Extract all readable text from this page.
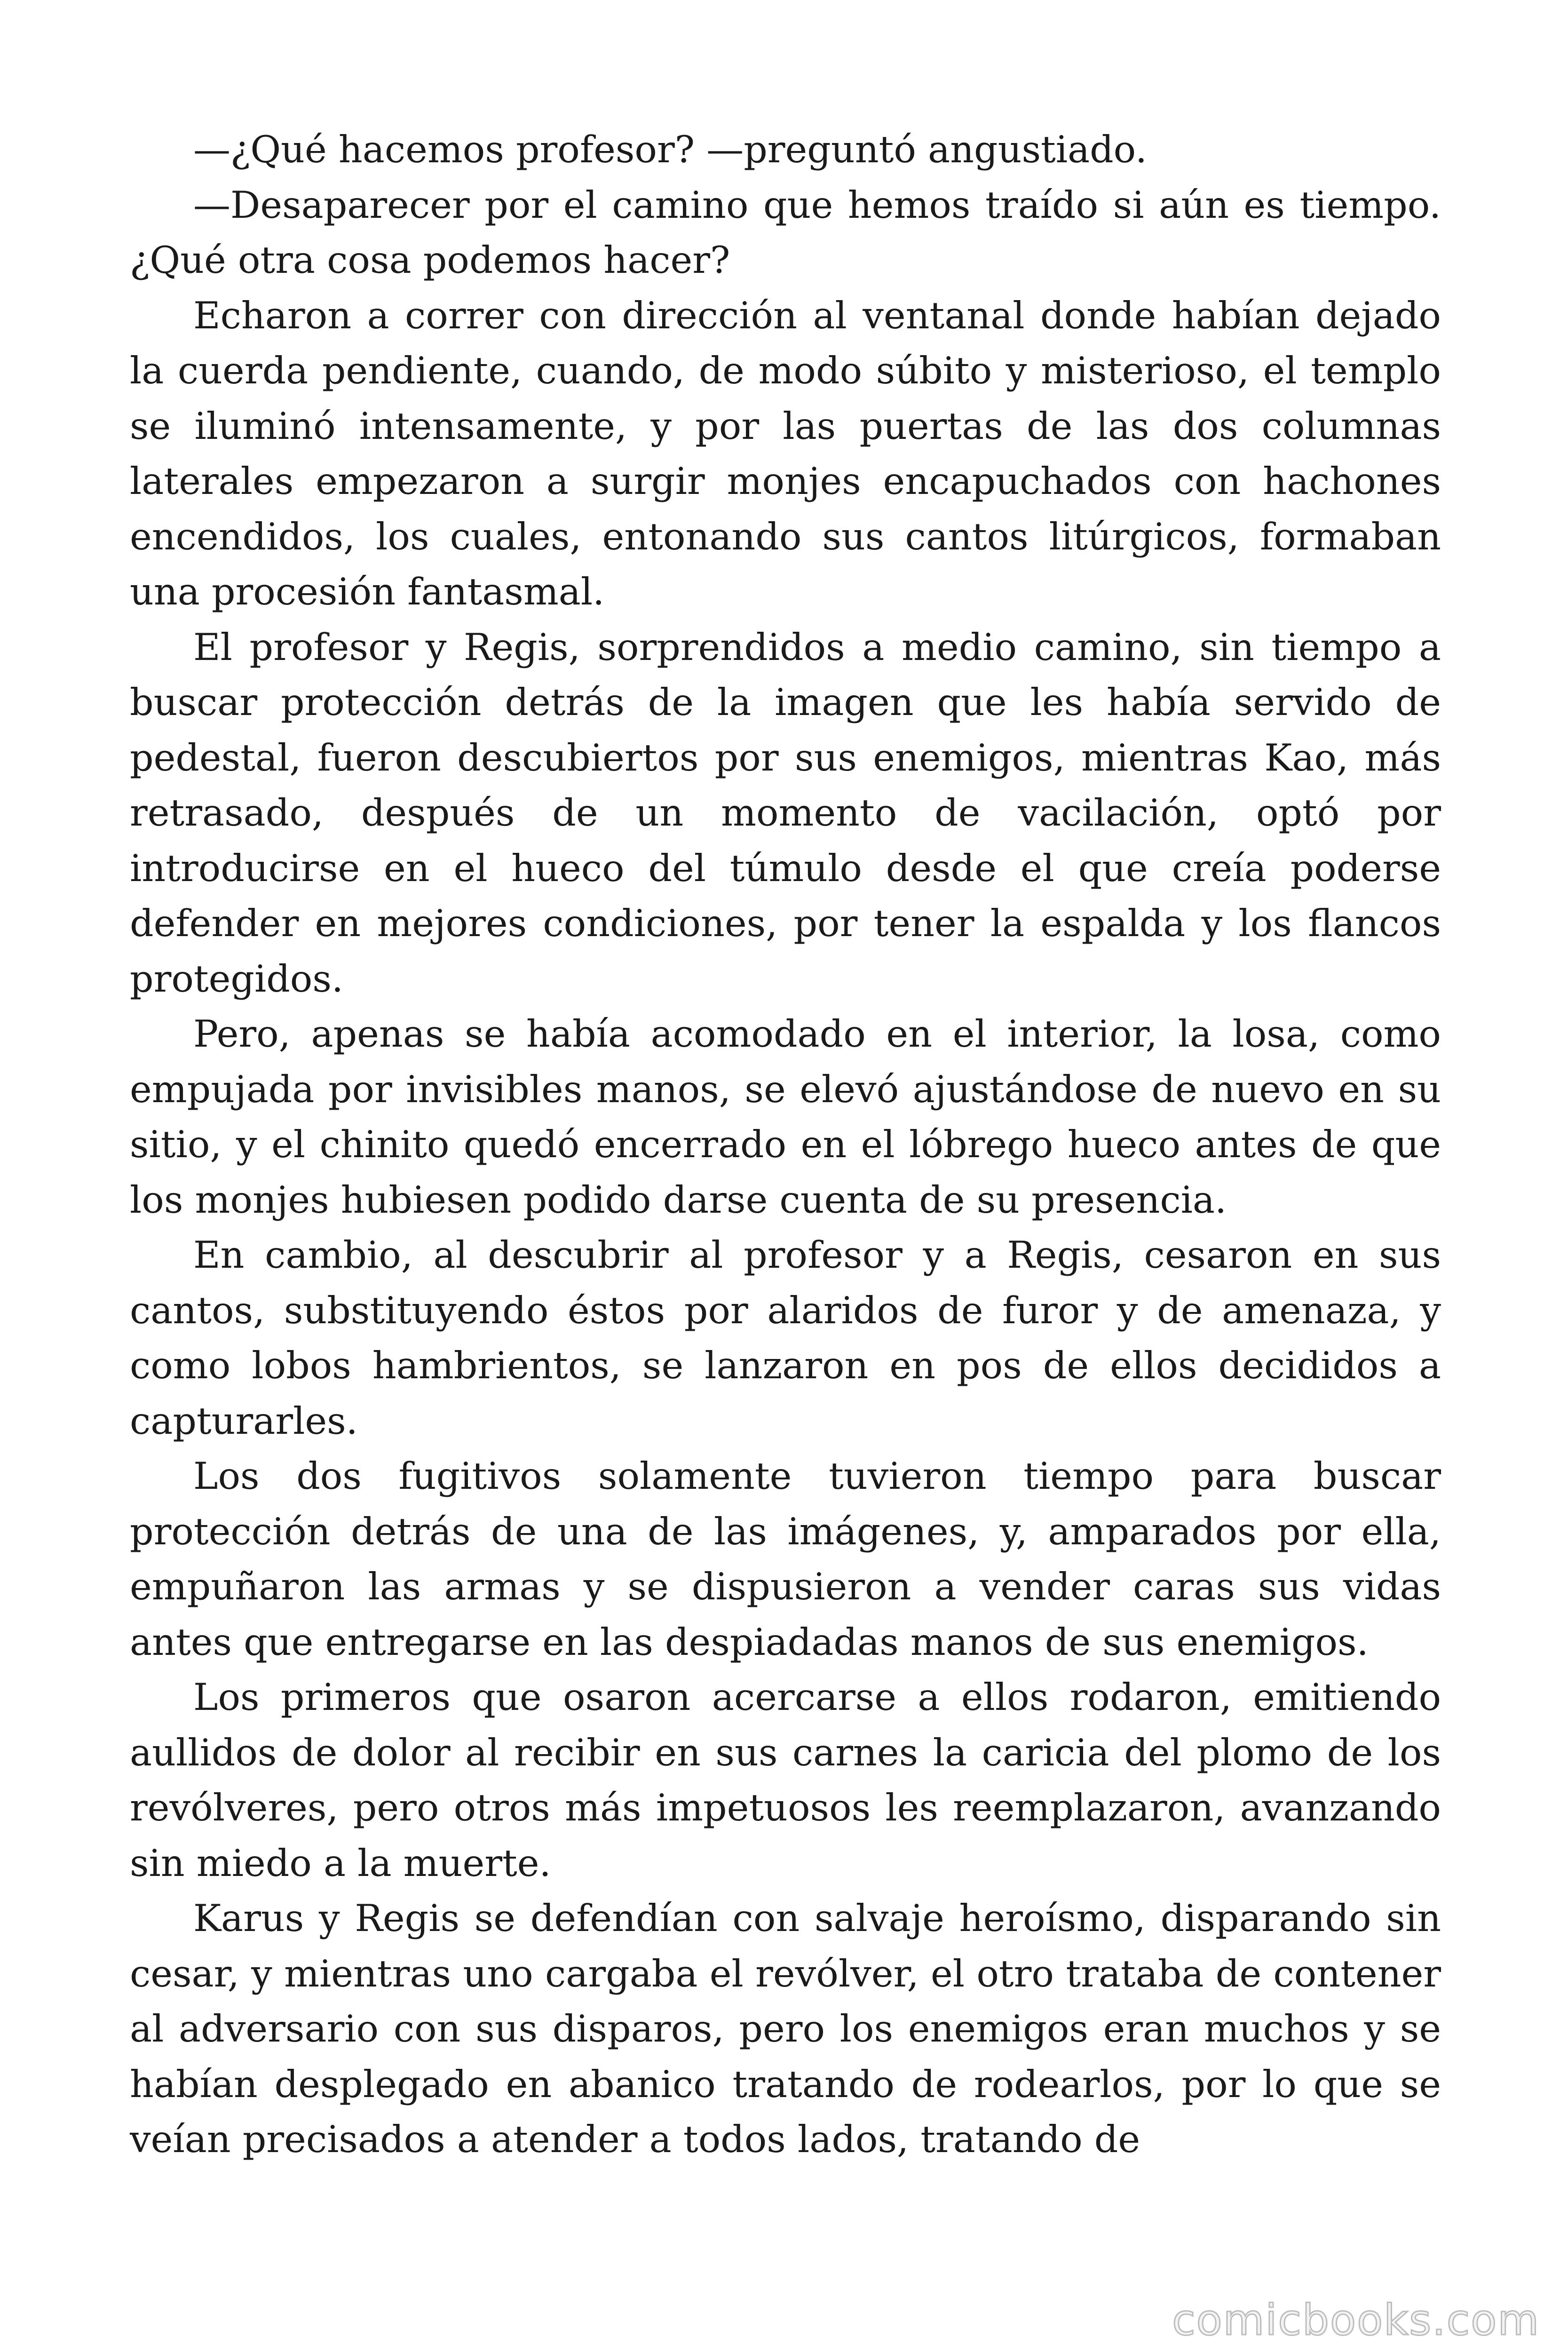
—¿Qué hacemos profesor? —preguntó angustiado.

—Desaparecer por el camino que hemos traído si aún es tiempo. ¿Qué otra cosa podemos hacer?

Echaron a correr con dirección al ventanal donde habían dejado la cuerda pendiente, cuando, de modo súbito y misterioso, el templo se iluminó intensamente, y por las puertas de las dos columnas laterales empezaron a surgir monjes encapuchados con hachones encendidos, los cuales, entonando sus cantos litúrgicos, formaban una procesión fantasmal.

El profesor y Regis, sorprendidos a medio camino, sin tiempo a buscar protección detrás de la imagen que les había servido de pedestal, fueron descubiertos por sus enemigos, mientras Kao, más retrasado, después de un momento de vacilación, optó por introducirse en el hueco del túmulo desde el que creía poderse defender en mejores condiciones, por tener la espalda y los flancos protegidos.

Pero, apenas se había acomodado en el interior, la losa, como empujada por invisibles manos, se elevó ajustándose de nuevo en su sitio, y el chinito quedó encerrado en el lóbrego hueco antes de que los monjes hubiesen podido darse cuenta de su presencia.

En cambio, al descubrir al profesor y a Regis, cesaron en sus cantos, substituyendo éstos por alaridos de furor y de amenaza, y como lobos hambrientos, se lanzaron en pos de ellos decididos a capturarles.

Los dos fugitivos solamente tuvieron tiempo para buscar protección detrás de una de las imágenes, y, amparados por ella, empuñaron las armas y se dispusieron a vender caras sus vidas antes que entregarse en las despiadadas manos de sus enemigos.

Los primeros que osaron acercarse a ellos rodaron, emitiendo aullidos de dolor al recibir en sus carnes la caricia del plomo de los revólveres, pero otros más impetuosos les reemplazaron, avanzando sin miedo a la muerte.

Karus y Regis se defendían con salvaje heroísmo, disparando sin cesar, y mientras uno cargaba el revólver, el otro trataba de contener al adversario con sus disparos, pero los enemigos eran muchos y se habían desplegado en abanico tratando de rodearlos, por lo que se veían precisados a atender a todos lados, tratando de

comicbooks.com
